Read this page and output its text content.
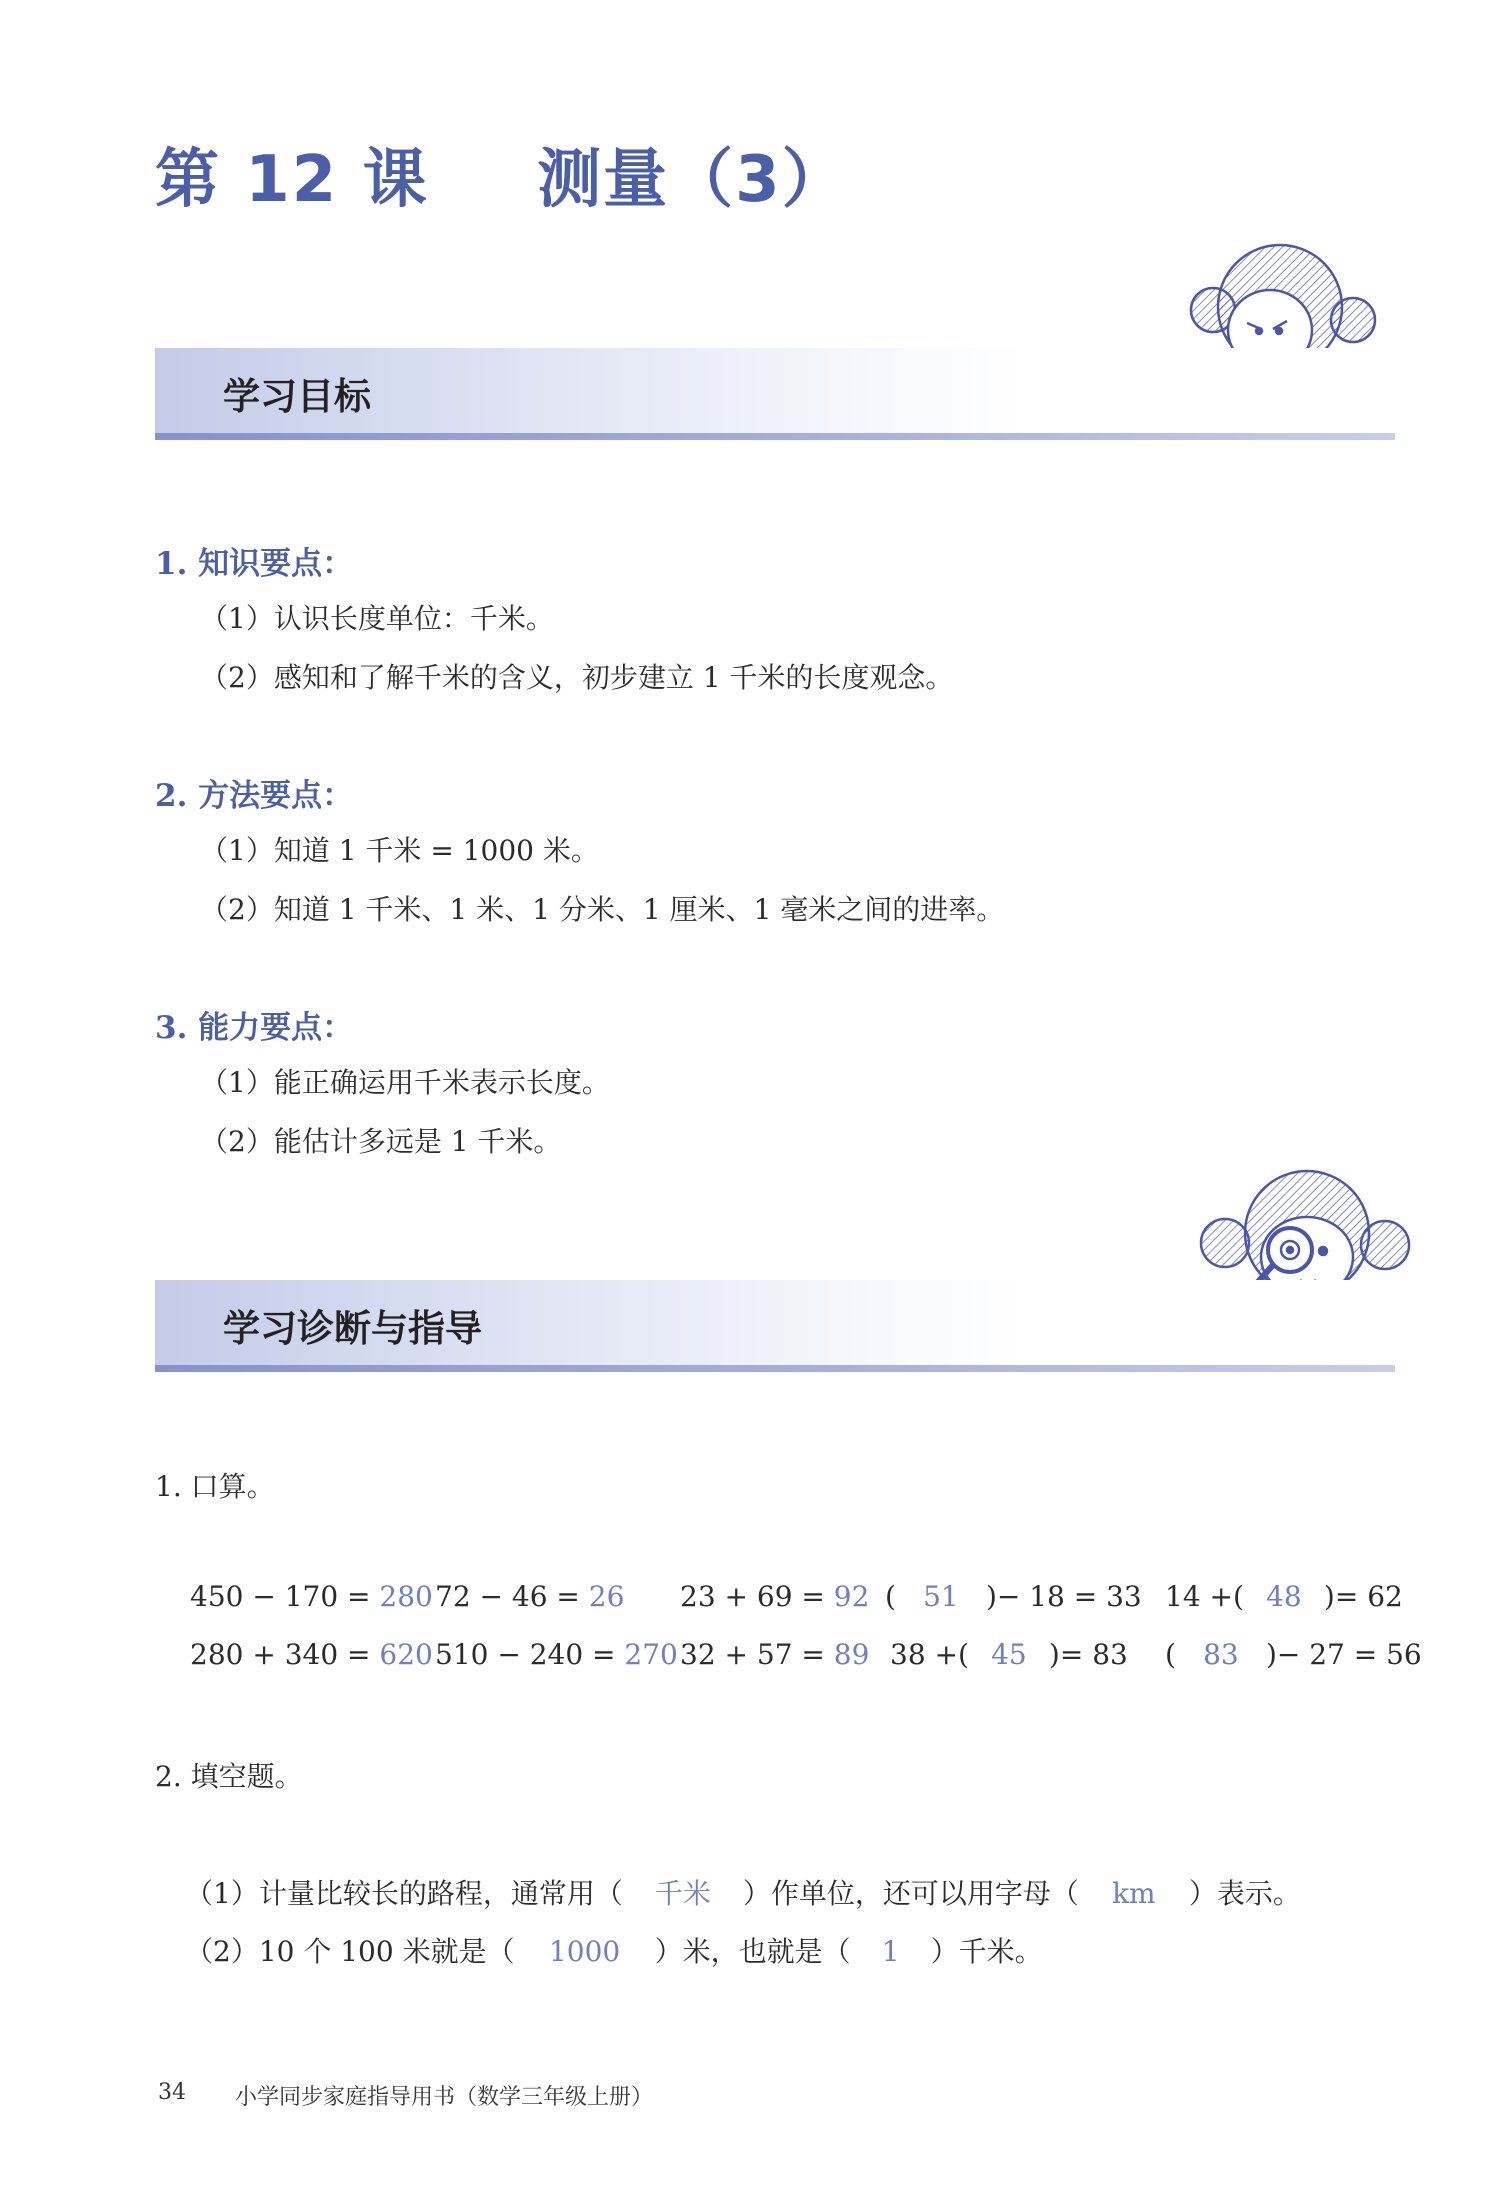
第 12 课 测量（3）
学习目标
1. 知识要点：
（1）认识长度单位：千米。
（2）感知和了解千米的含义，初步建立 1 千米的长度观念。
2. 方法要点：
（1）知道 1 千米 = 1000 米。
（2）知道 1 千米、1 米、1 分米、1 厘米、1 毫米之间的进率。
3. 能力要点：
（1）能正确运用千米表示长度。
（2）能估计多远是 1 千米。
学习诊断与指导
1. 口算。
450 − 170 = 280 72 − 46 = 26 23 + 69 = 92 ( 51 )− 18 = 33 14 +( 48 )= 62
280 + 340 = 620 510 − 240 = 270 32 + 57 = 89 38 +( 45 )= 83 ( 83 )− 27 = 56
2. 填空题。
（1）计量比较长的路程，通常用（ 千米 ）作单位，还可以用字母（ km ）表示。
（2）10 个 100 米就是（ 1000 ）米，也就是（ 1 ）千米。
34 小学同步家庭指导用书（数学三年级上册）
